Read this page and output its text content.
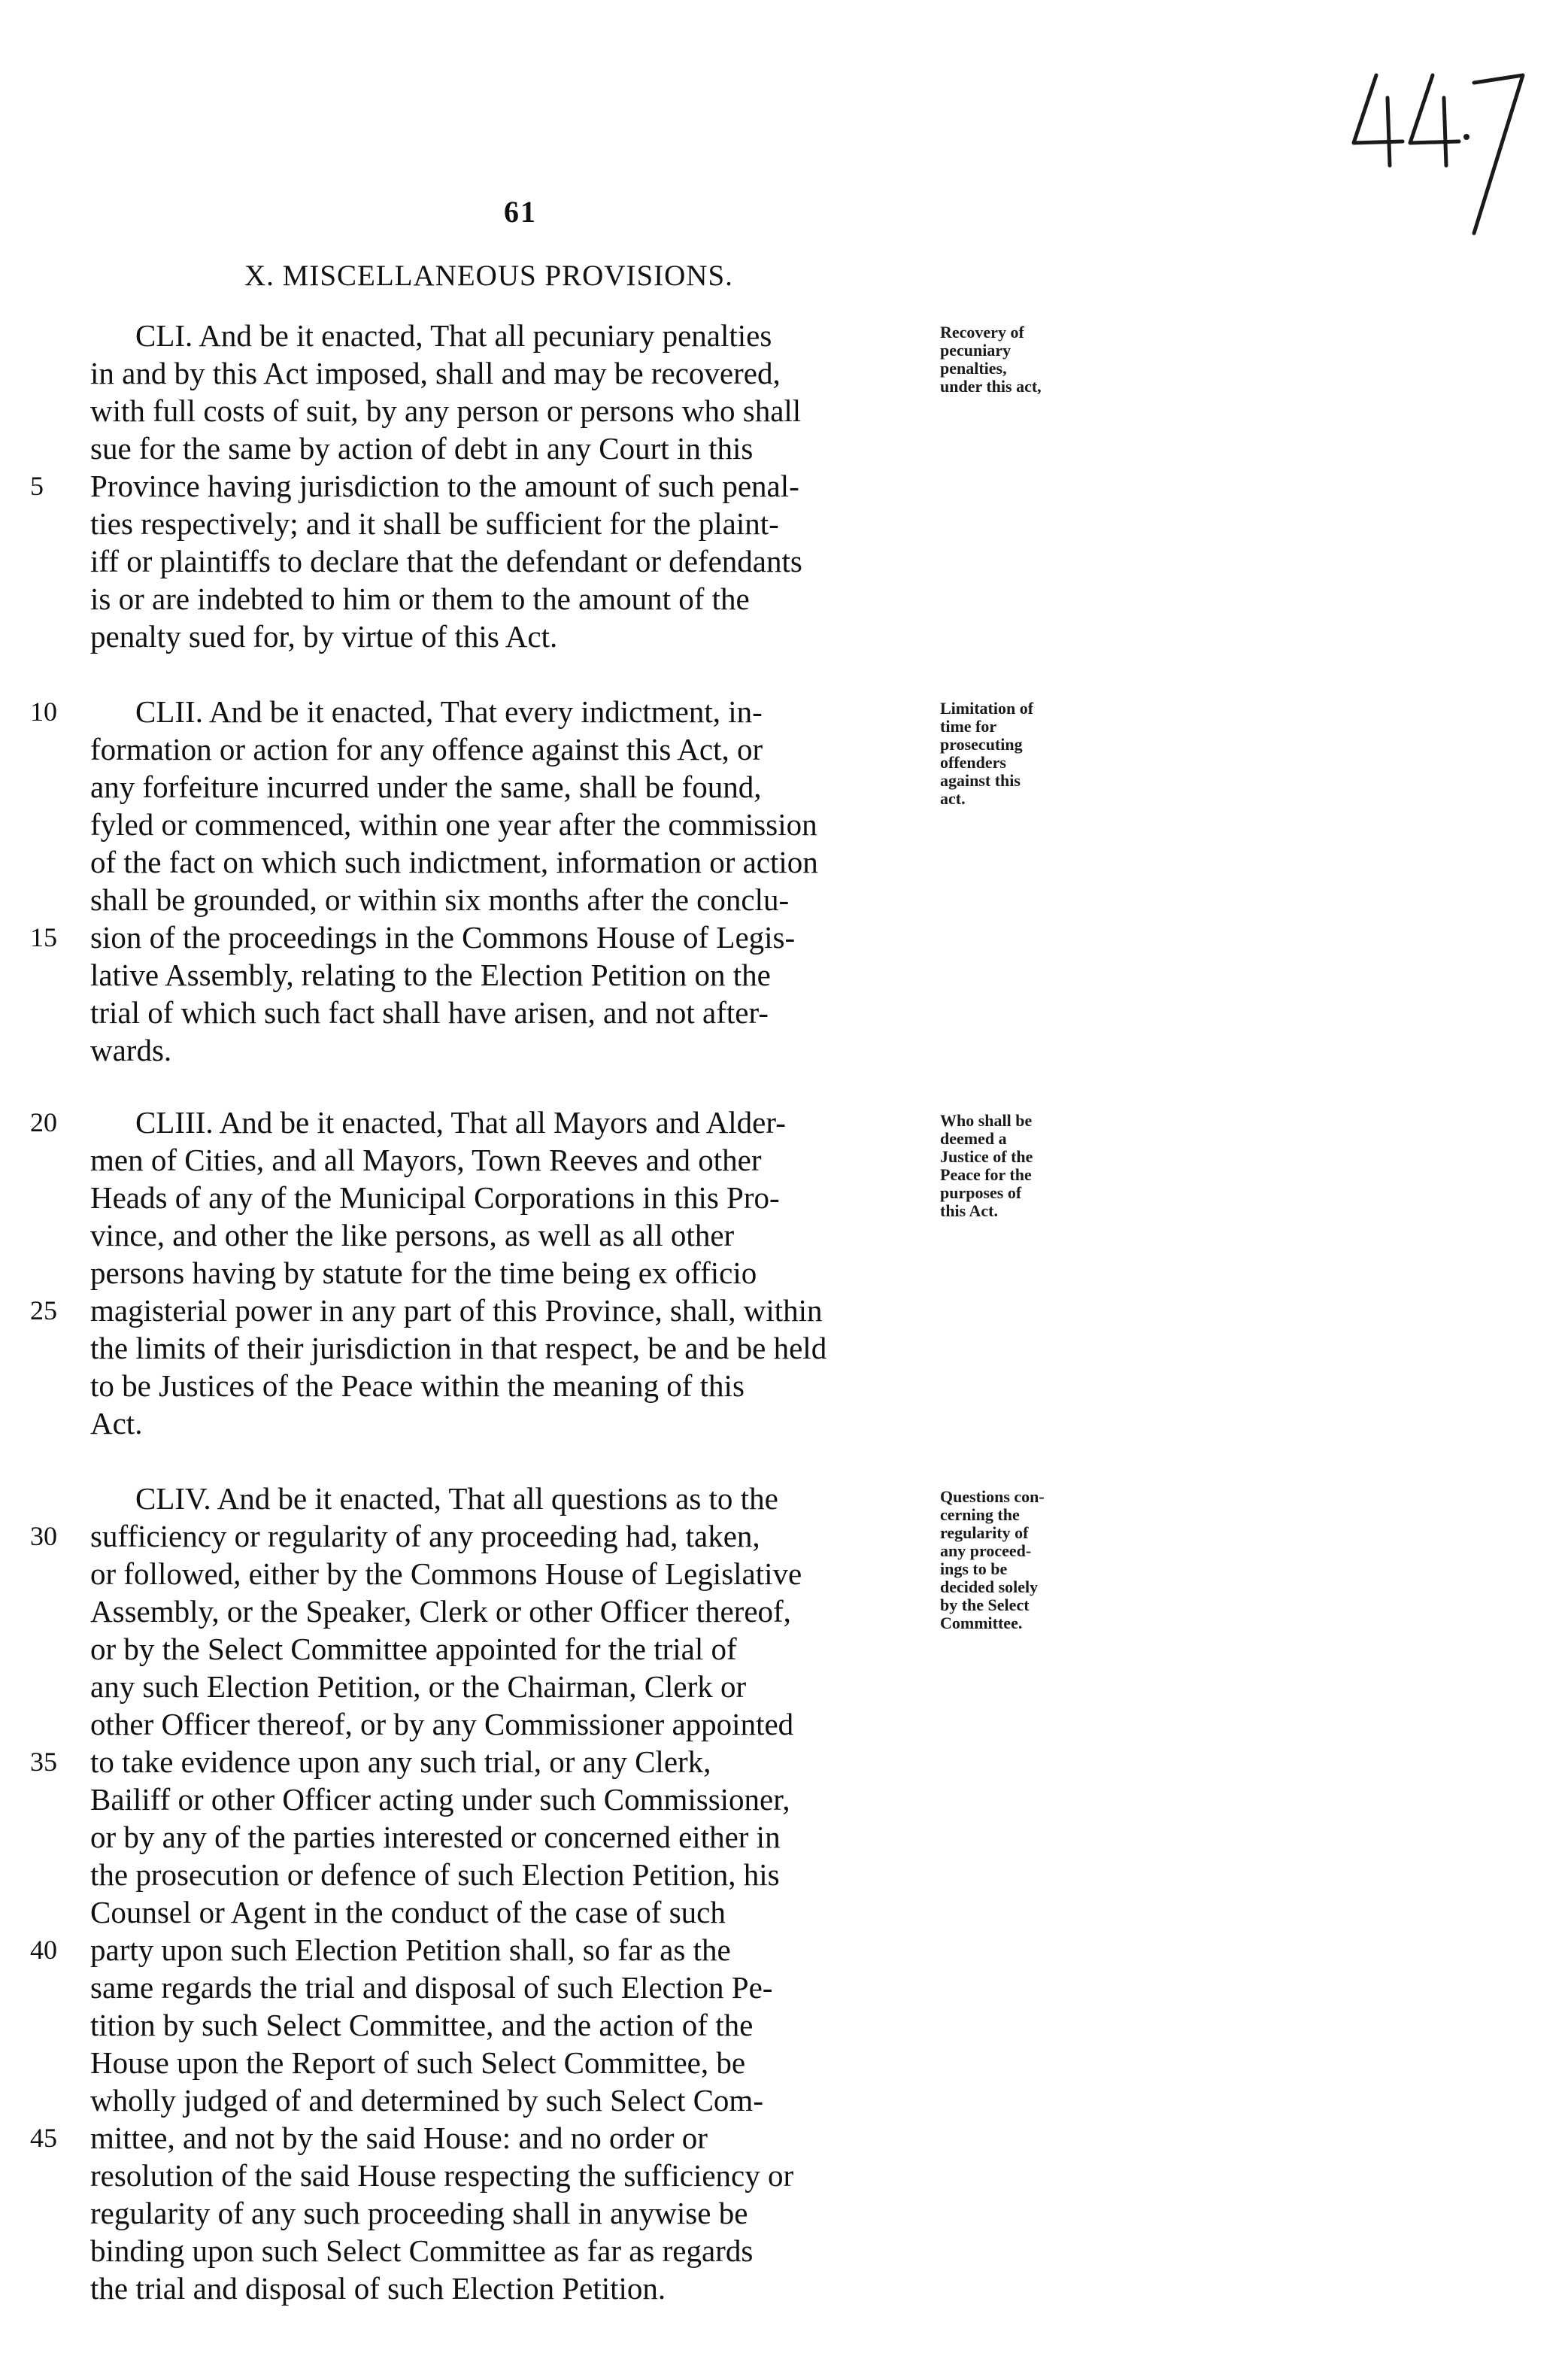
61
X. MISCELLANEOUS PROVISIONS.
CLI. And be it enacted, That all pecuniary penalties
in and by this Act imposed, shall and may be recovered,
with full costs of suit, by any person or persons who shall
sue for the same by action of debt in any Court in this
5	Province having jurisdiction to the amount of such penal-
ties respectively; and it shall be sufficient for the plaint-
iff or plaintiffs to declare that the defendant or defendants
is or are indebted to him or them to the amount of the
penalty sued for, by virtue of this Act.
10	CLII. And be it enacted, That every indictment, in-
formation or action for any offence against this Act, or
any forfeiture incurred under the same, shall be found,
fyled or commenced, within one year after the commission
of the fact on which such indictment, information or action
shall be grounded, or within six months after the conclu-
15	sion of the proceedings in the Commons House of Legis-
lative Assembly, relating to the Election Petition on the
trial of which such fact shall have arisen, and not after-
wards.
20	CLIII. And be it enacted, That all Mayors and Alder-
men of Cities, and all Mayors, Town Reeves and other
Heads of any of the Municipal Corporations in this Pro-
vince, and other the like persons, as well as all other
persons having by statute for the time being ex officio
25	magisterial power in any part of this Province, shall, within
the limits of their jurisdiction in that respect, be and be held
to be Justices of the Peace within the meaning of this
Act.
CLIV. And be it enacted, That all questions as to the
30	sufficiency or regularity of any proceeding had, taken,
or followed, either by the Commons House of Legislative
Assembly, or the Speaker, Clerk or other Officer thereof,
or by the Select Committee appointed for the trial of
any such Election Petition, or the Chairman, Clerk or
other Officer thereof, or by any Commissioner appointed
35	to take evidence upon any such trial, or any Clerk,
Bailiff or other Officer acting under such Commissioner,
or by any of the parties interested or concerned either in
the prosecution or defence of such Election Petition, his
Counsel or Agent in the conduct of the case of such
40	party upon such Election Petition shall, so far as the
same regards the trial and disposal of such Election Pe-
tition by such Select Committee, and the action of the
House upon the Report of such Select Committee, be
wholly judged of and determined by such Select Com-
45	mittee, and not by the said House: and no order or
resolution of the said House respecting the sufficiency or
regularity of any such proceeding shall in anywise be
binding upon such Select Committee as far as regards
the trial and disposal of such Election Petition.
Recovery of
pecuniary
penalties,
under this act,
Limitation of
time for
prosecuting
offenders
against this
act.
Who shall be
deemed a
Justice of the
Peace for the
purposes of
this Act.
Questions con-
cerning the
regularity of
any proceed-
ings to be
decided solely
by the Select
Committee.
